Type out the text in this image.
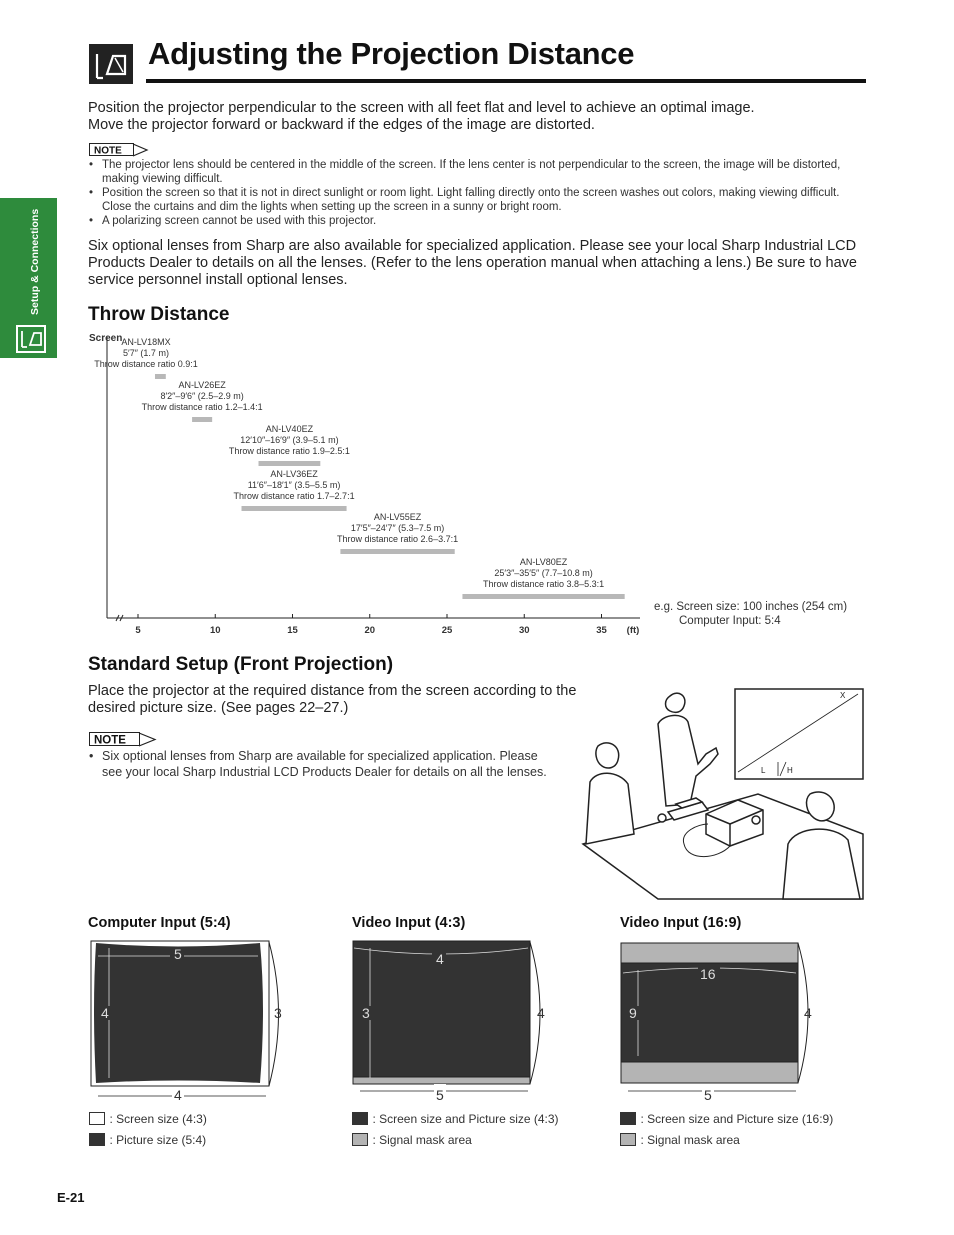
Adjusting the Projection Distance
Setup & Connections
Position the projector perpendicular to the screen with all feet flat and level to achieve an optimal image.
Move the projector forward or backward if the edges of the image are distorted.
NOTE
• The projector lens should be centered in the middle of the screen. If the lens center is not perpendicular to the screen, the image will be distorted, making viewing difficult.
• Position the screen so that it is not in direct sunlight or room light. Light falling directly onto the screen washes out colors, making viewing difficult. Close the curtains and dim the lights when setting up the screen in a sunny or bright room.
• A polarizing screen cannot be used with this projector.
Six optional lenses from Sharp are also available for specialized application. Please see your local Sharp Industrial LCD Products Dealer to details on all the lenses. (Refer to the lens operation manual when attaching a lens.) Be sure to have service personnel install optional lenses.
Throw Distance
Screen
5	10	15	20	25	30	35 (ft)
AN-LV18MX
5′7″ (1.7 m)
Throw distance ratio 0.9:1
AN-LV26EZ
8′2″–9′6″ (2.5–2.9 m)
Throw distance ratio 1.2–1.4:1
AN-LV40EZ
12′10″–16′9″ (3.9–5.1 m)
Throw distance ratio 1.9–2.5:1
AN-LV36EZ
11′6″–18′1″ (3.5–5.5 m)
Throw distance ratio 1.7–2.7:1
AN-LV55EZ
17′5″–24′7″ (5.3–7.5 m)
Throw distance ratio 2.6–3.7:1
AN-LV80EZ
25′3″–35′5″ (7.7–10.8 m)
Throw distance ratio 3.8–5.3:1
e.g. Screen size: 100 inches (254 cm)
Computer Input: 5:4
Standard Setup (Front Projection)
Place the projector at the required distance from the screen according to the desired picture size. (See pages 22–27.)
NOTE
• Six optional lenses from Sharp are available for specialized application. Please see your local Sharp Industrial LCD Products Dealer for details on all the lenses.
X
L	H
Computer Input (5:4)	Video Input (4:3)	Video Input (16:9)
5
4	3
4
4
3	4
5
16
9	4
5
: Screen size (4:3)
: Picture size (5:4)
: Screen size and Picture size (4:3)
: Signal mask area
: Screen size and Picture size (16:9)
: Signal mask area
E-21
